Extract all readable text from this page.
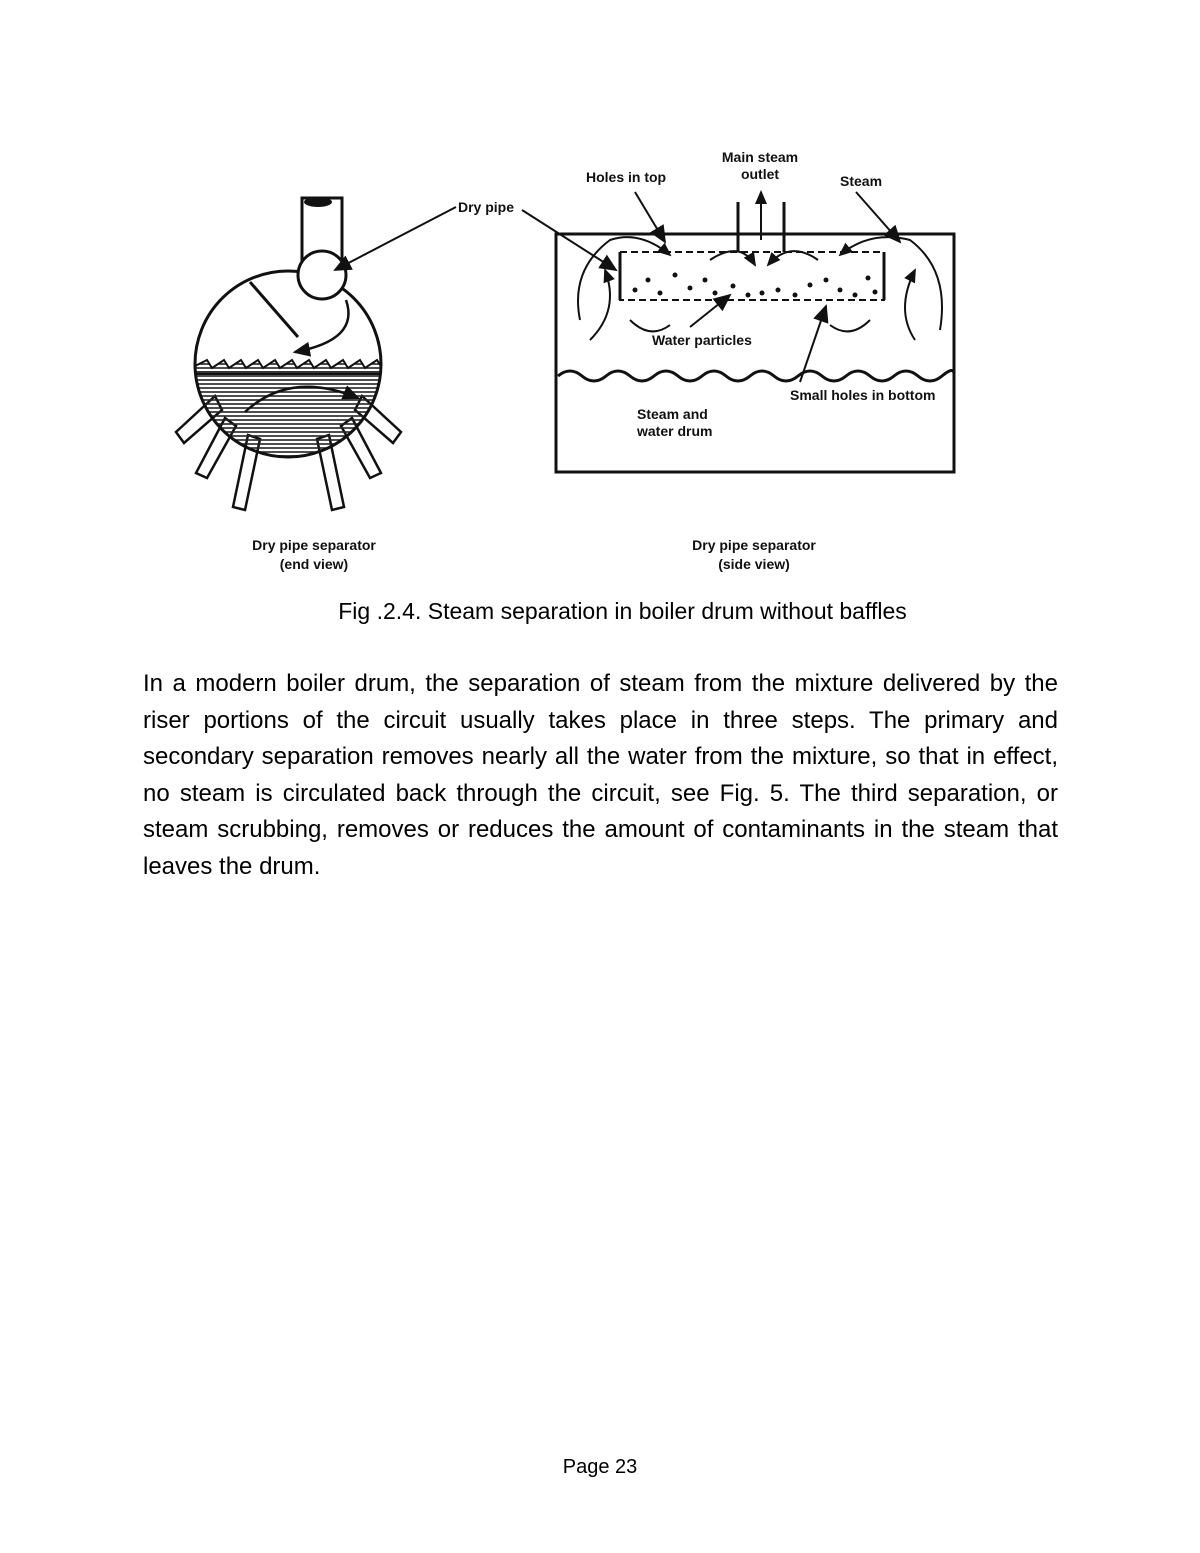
Dry pipe
Holes in top
Main steam
outlet	Steam
Water particles
Small holes in bottom
Steam and
water drum
Dry pipe separator
(end view)
Dry pipe separator
(side view)

Fig .2.4. Steam separation in boiler drum without baffles

In a modern boiler drum, the separation of steam from the mixture delivered by the riser portions of the circuit usually takes place in three steps. The primary and secondary separation removes nearly all the water from the mixture, so that in effect, no steam is circulated back through the circuit, see Fig. 5. The third separation, or steam scrubbing, removes or reduces the amount of contaminants in the steam that leaves the drum.

Page 23
